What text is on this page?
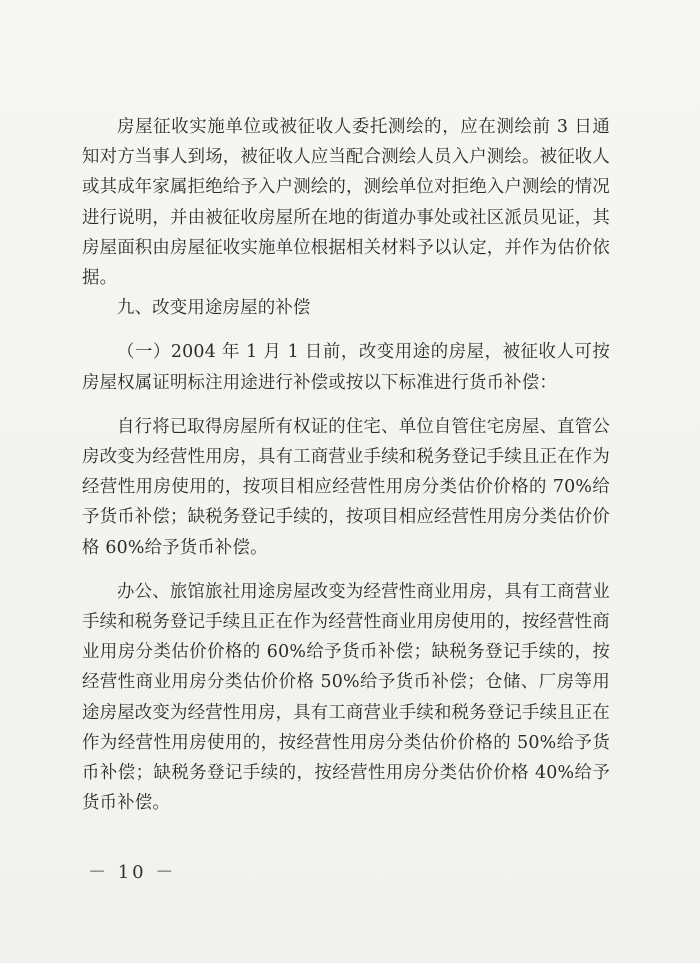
房屋征收实施单位或被征收人委托测绘的，应在测绘前 3 日通知对方当事人到场，被征收人应当配合测绘人员入户测绘。被征收人或其成年家属拒绝给予入户测绘的，测绘单位对拒绝入户测绘的情况进行说明，并由被征收房屋所在地的街道办事处或社区派员见证，其房屋面积由房屋征收实施单位根据相关材料予以认定，并作为估价依据。

九、改变用途房屋的补偿

（一）2004 年 1 月 1 日前，改变用途的房屋，被征收人可按房屋权属证明标注用途进行补偿或按以下标准进行货币补偿：

自行将已取得房屋所有权证的住宅、单位自管住宅房屋、直管公房改变为经营性用房，具有工商营业手续和税务登记手续且正在作为经营性用房使用的，按项目相应经营性用房分类估价价格的 70%给予货币补偿；缺税务登记手续的，按项目相应经营性用房分类估价价格 60%给予货币补偿。

办公、旅馆旅社用途房屋改变为经营性商业用房，具有工商营业手续和税务登记手续且正在作为经营性商业用房使用的，按经营性商业用房分类估价价格的 60%给予货币补偿；缺税务登记手续的，按经营性商业用房分类估价价格 50%给予货币补偿；仓储、厂房等用途房屋改变为经营性用房，具有工商营业手续和税务登记手续且正在作为经营性用房使用的，按经营性用房分类估价价格的 50%给予货币补偿；缺税务登记手续的，按经营性用房分类估价价格 40%给予货币补偿。

－ 10 －
